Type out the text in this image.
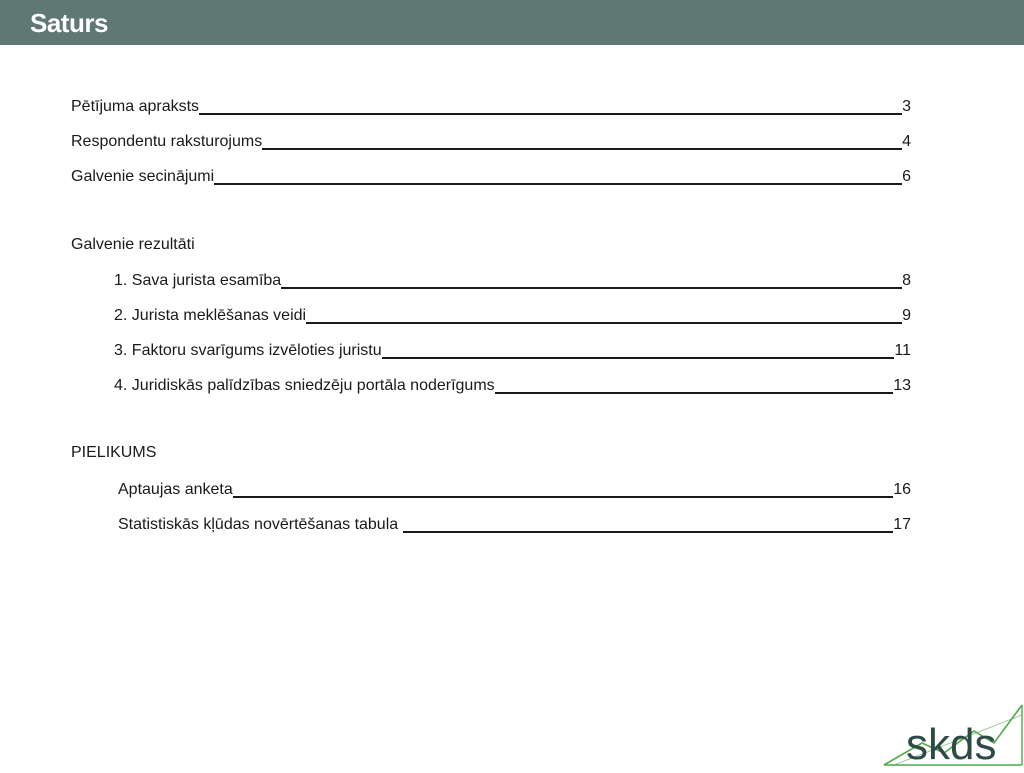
Saturs
Pētījuma apraksts	3
Respondentu raksturojums	4
Galvenie secinājumi	6
Galvenie rezultāti
1. Sava jurista esamība	8
2. Jurista meklēšanas veidi	9
3. Faktoru svarīgums izvēloties juristu	11
4. Juridiskās palīdzības sniedzēju portāla noderīgums	13
PIELIKUMS
Aptaujas anketa	16
Statistiskās kļūdas novērtēšanas tabula	17
skds
